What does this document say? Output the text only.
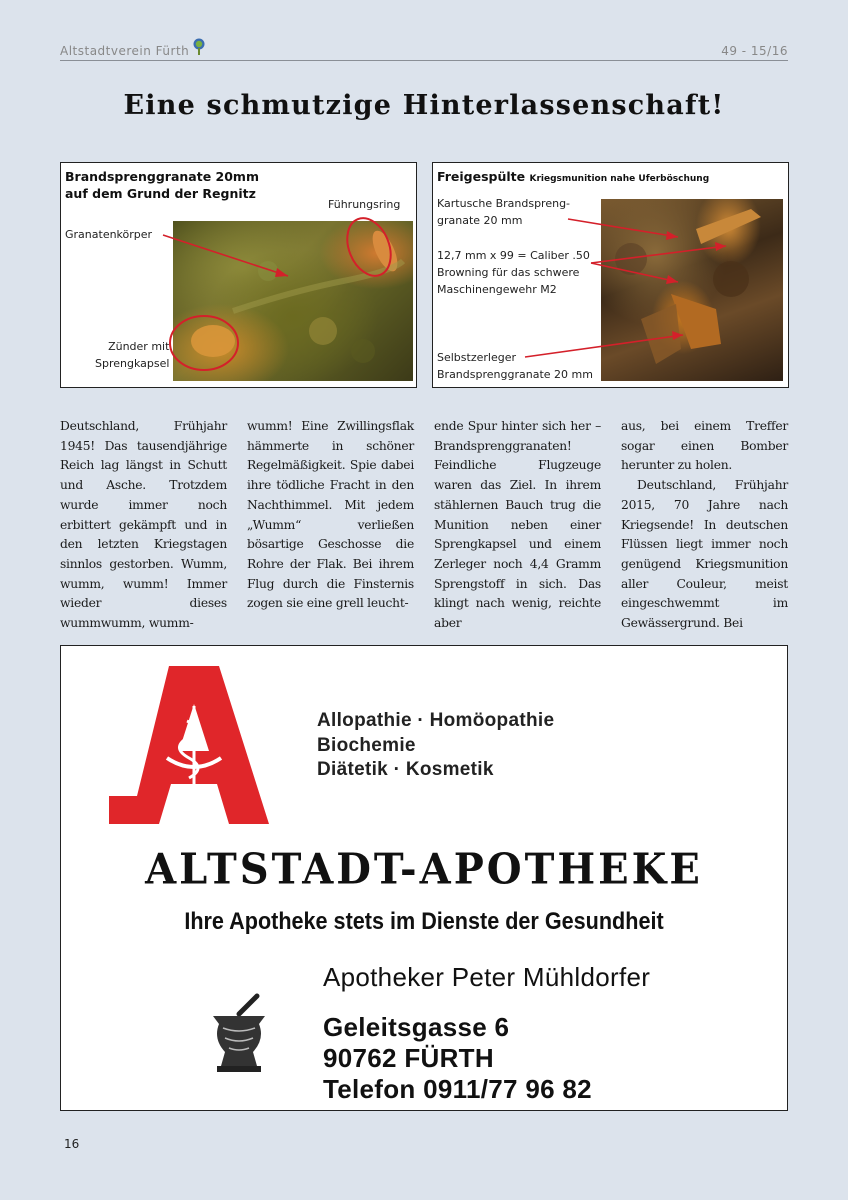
Altstadtverein Fürth	49 - 15/16
Eine schmutzige Hinterlassenschaft!
Brandsprenggranate 20mm
auf dem Grund der Regnitz
Führungsring
Granatenkörper
Zünder mit
Sprengkapsel
Freigespülte Kriegsmunition nahe Uferböschung
Kartusche Brandspreng-
granate 20 mm
12,7 mm x 99 = Caliber .50
Browning für das schwere
Maschinengewehr M2
Selbstzerleger
Brandsprenggranate 20 mm
Deutschland, Frühjahr 1945! Das tausendjährige Reich lag längst in Schutt und Asche. Trotzdem wurde immer noch erbittert gekämpft und in den letzten Kriegstagen sinnlos gestorben. Wumm, wumm, wumm! Immer wieder dieses wummwumm, wumm-
wumm! Eine Zwillingsflak hämmerte in schöner Regelmäßigkeit. Spie dabei ihre tödliche Fracht in den Nachthimmel. Mit jedem „Wumm“ verließen bösartige Geschosse die Rohre der Flak. Bei ihrem Flug durch die Finsternis zogen sie eine grell leucht-
ende Spur hinter sich her – Brandsprenggranaten! Feindliche Flugzeuge waren das Ziel. In ihrem stählernen Bauch trug die Munition neben einer Sprengkapsel und einem Zerleger noch 4,4 Gramm Sprengstoff in sich. Das klingt nach wenig, reichte aber
aus, bei einem Treffer sogar einen Bomber herunter zu holen.
Deutschland, Frühjahr 2015, 70 Jahre nach Kriegsende! In deutschen Flüssen liegt immer noch genügend Kriegsmunition aller Couleur, meist eingeschwemmt im Gewässergrund. Bei
Allopathie · Homöopathie
Biochemie
Diätetik · Kosmetik
ALTSTADT-APOTHEKE
Ihre Apotheke stets im Dienste der Gesundheit
Apotheker Peter Mühldorfer
Geleitsgasse 6
90762 FÜRTH
Telefon 0911/77 96 82
16
